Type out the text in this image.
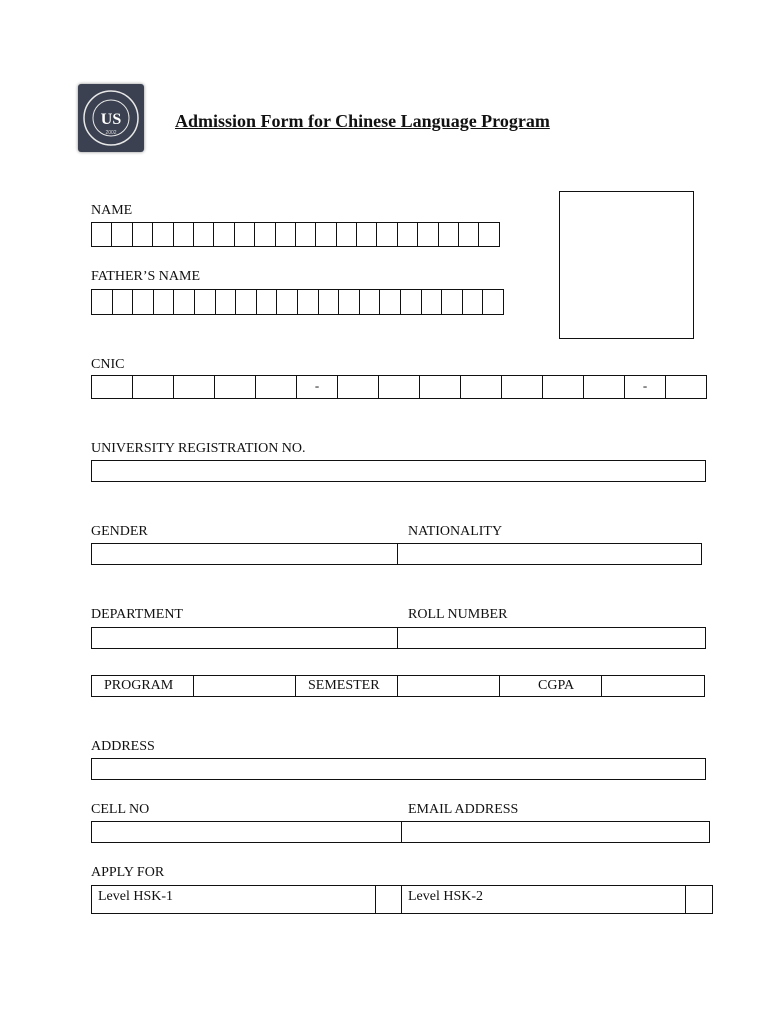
US
2002
Admission Form for Chinese Language Program
NAME
FATHER’S NAME
CNIC
-	-
UNIVERSITY REGISTRATION NO.
GENDER	NATIONALITY
DEPARTMENT	ROLL NUMBER
PROGRAM	SEMESTER	CGPA
ADDRESS
CELL NO	EMAIL ADDRESS
APPLY FOR
Level HSK-1	Level HSK-2
